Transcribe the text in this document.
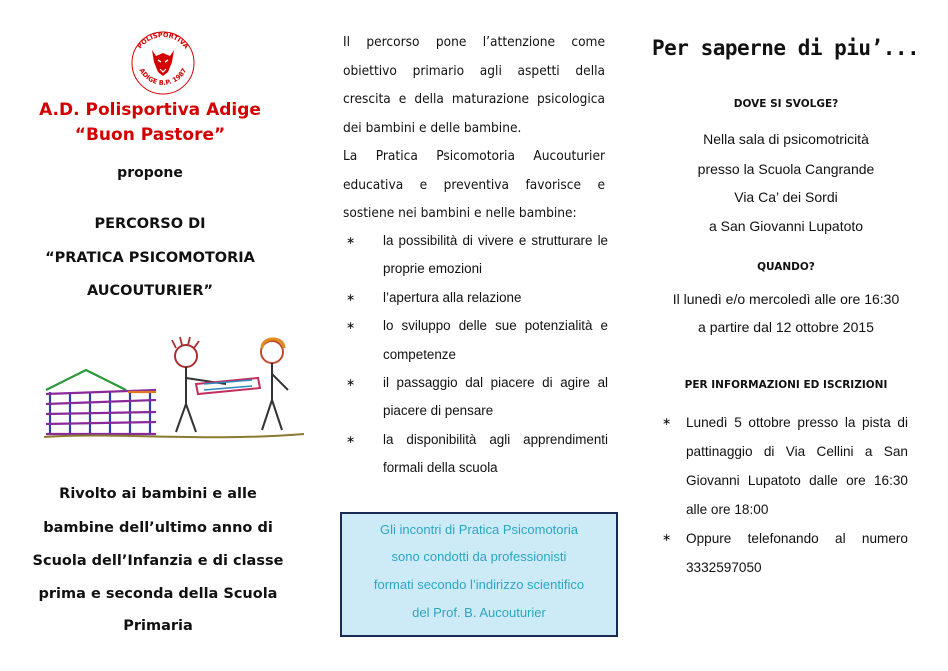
POLISPORTIVA
ADIGE B.P. 1987
A.D. Polisportiva Adige
“Buon Pastore”
propone
PERCORSO DI
“PRATICA PSICOMOTORIA
AUCOUTURIER”
Rivolto ai bambini e alle
bambine dell’ultimo anno di
Scuola dell’Infanzia e di classe
prima e seconda della Scuola
Primaria
Il percorso pone l’attenzione come obiettivo primario agli aspetti della crescita e della maturazione psicologica dei bambini e delle bambine.
La Pratica Psicomotoria Aucouturier educativa e preventiva favorisce e sostiene nei bambini e nelle bambine:
∗ la possibilità di vivere e strutturare le proprie emozioni
∗ l’apertura alla relazione
∗ lo sviluppo delle sue potenzialità e competenze
∗ il passaggio dal piacere di agire al piacere di pensare
∗ la disponibilità agli apprendimenti formali della scuola
Gli incontri di Pratica Psicomotoria
sono condotti da professionisti
formati secondo l’indirizzo scientifico
del Prof. B. Aucouturier
Per saperne di piu’...
DOVE SI SVOLGE?
Nella sala di psicomotricità
presso la Scuola Cangrande
Via Ca’ dei Sordi
a San Giovanni Lupatoto
QUANDO?
Il lunedì e/o mercoledì alle ore 16:30
a partire dal 12 ottobre 2015
PER INFORMAZIONI ED ISCRIZIONI
∗ Lunedì 5 ottobre presso la pista di pattinaggio di Via Cellini a San Giovanni Lupatoto dalle ore 16:30 alle ore 18:00
∗ Oppure telefonando al numero 3332597050
